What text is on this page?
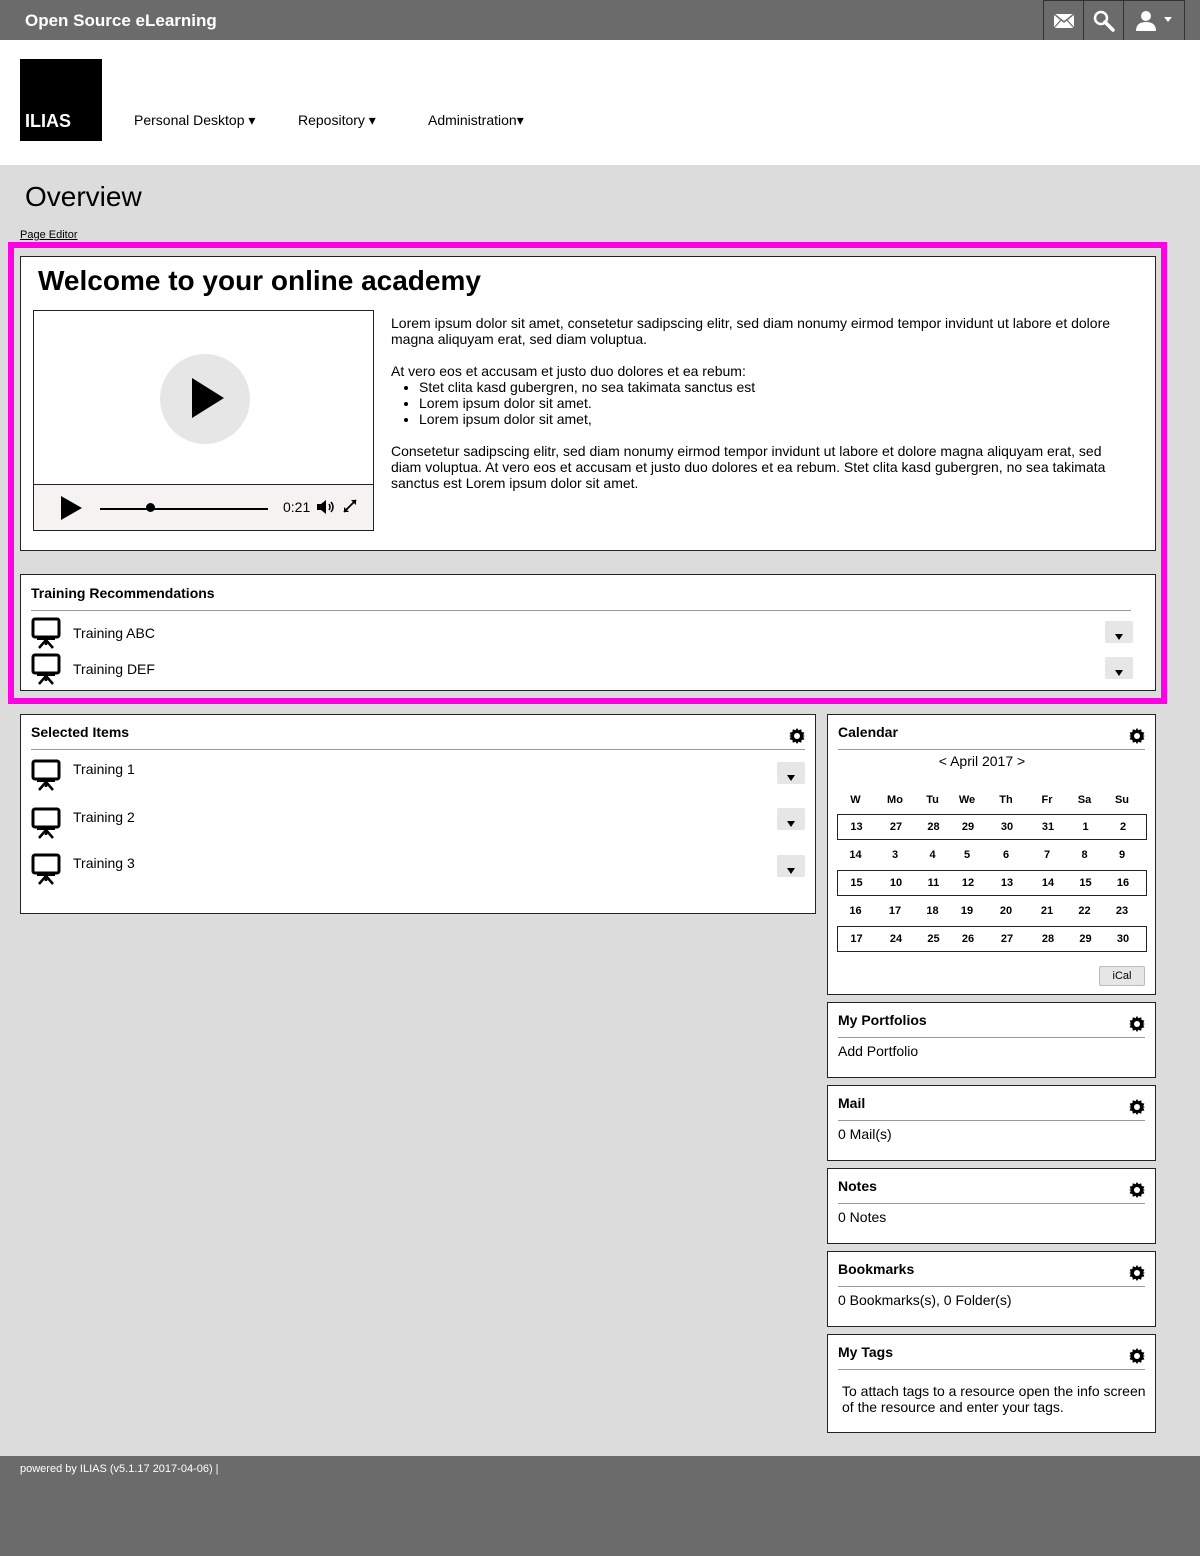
Open Source eLearning
ILIAS	Personal Desktop ▾	Repository ▾	Administration▾
Overview
Page Editor
Welcome to your online academy
0:21

Lorem ipsum dolor sit amet, consetetur sadipscing elitr, sed diam nonumy eirmod tempor invidunt ut labore et dolore magna aliquyam erat, sed diam voluptua.

At vero eos et accusam et justo duo dolores et ea rebum:

• Stet clita kasd gubergren, no sea takimata sanctus est
• Lorem ipsum dolor sit amet.
• Lorem ipsum dolor sit amet,

Consetetur sadipscing elitr, sed diam nonumy eirmod tempor invidunt ut labore et dolore magna aliquyam erat, sed diam voluptua. At vero eos et accusam et justo duo dolores et ea rebum. Stet clita kasd gubergren, no sea takimata sanctus est Lorem ipsum dolor sit amet.

Training Recommendations
Training ABC
Training DEF
Selected Items
Training 1
Training 2
Training 3
Calendar
< April 2017 >
W	Mo	Tu	We	Th	Fr	Sa	Su
13	27	28	29	30	31	1	2
14	3	4	5	6	7	8	9
15	10	11	12	13	14	15	16
16	17	18	19	20	21	22	23
17	24	25	26	27	28	29	30
iCal
My Portfolios
Add Portfolio
Mail
0 Mail(s)
Notes
0 Notes
Bookmarks
0 Bookmarks(s), 0 Folder(s)
My Tags
To attach tags to a resource open the info screen of the resource and enter your tags.
powered by ILIAS (v5.1.17 2017-04-06) |
